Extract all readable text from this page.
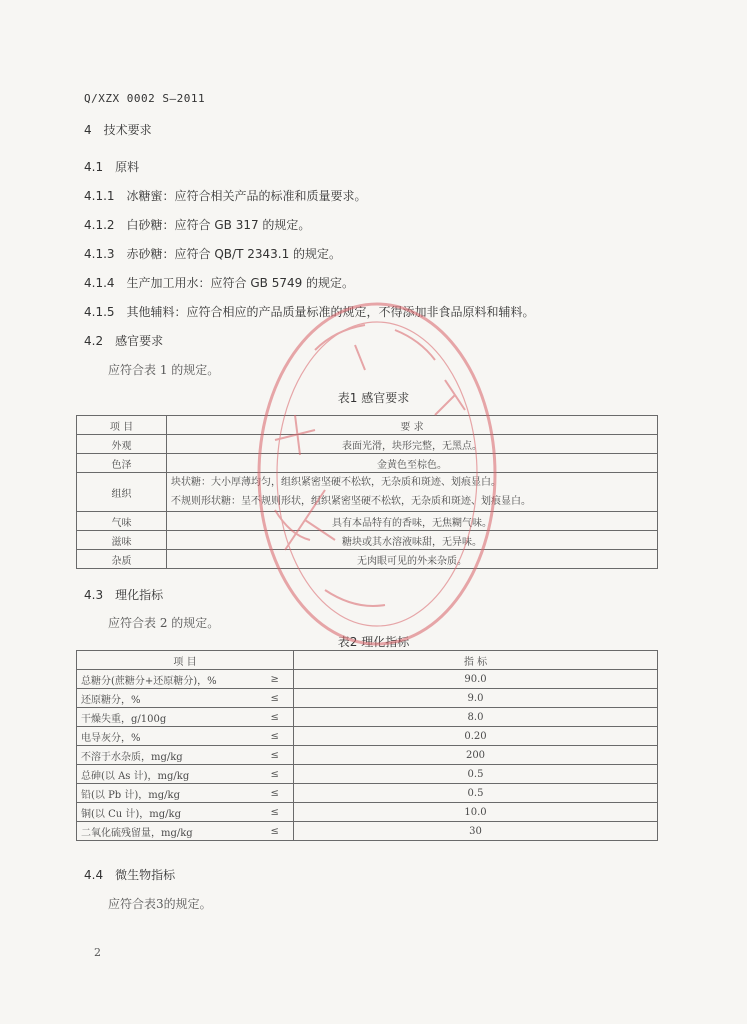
Q/XZX 0002 S—2011
4 技术要求
4.1 原料
4.1.1 冰糖蜜：应符合相关产品的标准和质量要求。
4.1.2 白砂糖：应符合 GB 317 的规定。
4.1.3 赤砂糖：应符合 QB/T 2343.1 的规定。
4.1.4 生产加工用水：应符合 GB 5749 的规定。
4.1.5 其他辅料：应符合相应的产品质量标准的规定，不得添加非食品原料和辅料。
4.2 感官要求
应符合表 1 的规定。
表1 感官要求
项 目	要 求
外观	表面光滑，块形完整，无黑点。
色泽	金黄色至棕色。
组织	块状糖：大小厚薄均匀，组织紧密坚硬不松软，无杂质和斑迹、划痕显白。
不规则形状糖：呈不规则形状，组织紧密坚硬不松软，无杂质和斑迹、划痕显白。

气味	具有本品特有的香味，无焦糊气味。
滋味	糖块或其水溶液味甜，无异味。
杂质	无肉眼可见的外来杂质。
4.3 理化指标
应符合表 2 的规定。
表2 理化指标
项 目		指 标
总糖分(蔗糖分+还原糖分)，%	≥	90.0
还原糖分，%	≤	9.0
干燥失重，g/100g	≤	8.0
电导灰分，%	≤	0.20
不溶于水杂质，mg/kg	≤	200
总砷(以 As 计)，mg/kg	≤	0.5
铅(以 Pb 计)，mg/kg	≤	0.5
铜(以 Cu 计)，mg/kg	≤	10.0
二氧化硫残留量，mg/kg	≤	30
4.4 微生物指标
应符合表3的规定。
2
